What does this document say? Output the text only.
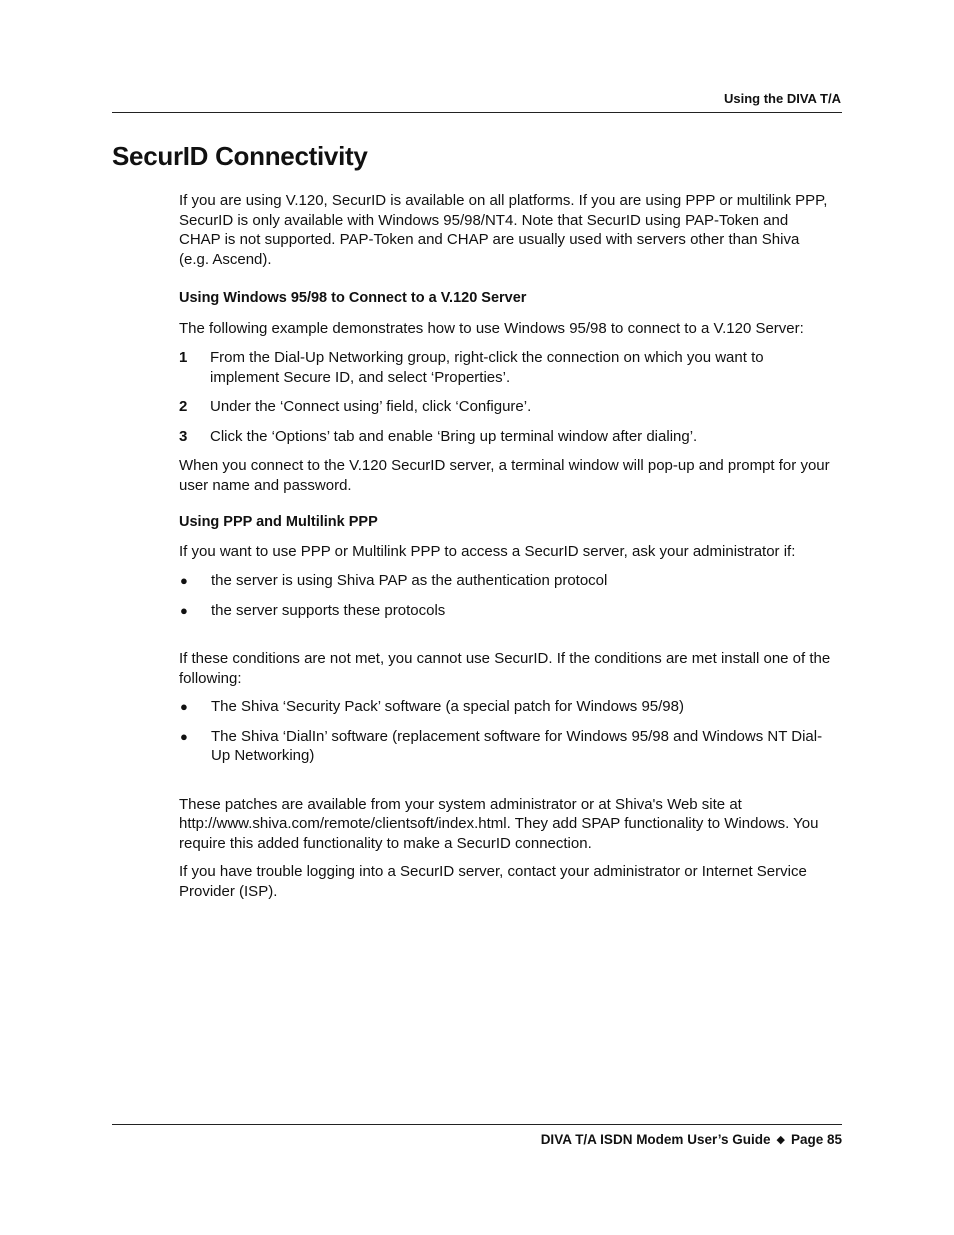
Using the DIVA T/A
SecurID Connectivity

If you are using V.120, SecurID is available on all platforms. If you are using PPP or multilink PPP, SecurID is only available with Windows 95/98/NT4. Note that SecurID using PAP-Token and CHAP is not supported. PAP-Token and CHAP are usually used with servers other than Shiva (e.g. Ascend).

Using Windows 95/98 to Connect to a V.120 Server

The following example demonstrates how to use Windows 95/98 to connect to a V.120 Server:

1	From the Dial-Up Networking group, right-click the connection on which you want to implement Secure ID, and select ‘Properties’.
2	Under the ‘Connect using’ field, click ‘Configure’.
3	Click the ‘Options’ tab and enable ‘Bring up terminal window after dialing’.

When you connect to the V.120 SecurID server, a terminal window will pop-up and prompt for your user name and password.

Using PPP and Multilink PPP

If you want to use PPP or Multilink PPP to access a SecurID server, ask your administrator if:

●	the server is using Shiva PAP as the authentication protocol
●	the server supports these protocols

If these conditions are not met, you cannot use SecurID. If the conditions are met install one of the following:

●	The Shiva ‘Security Pack’ software (a special patch for Windows 95/98)
●	The Shiva ‘DialIn’ software (replacement software for Windows 95/98 and Windows NT Dial-Up Networking)

These patches are available from your system administrator or at Shiva's Web site at http://www.shiva.com/remote/clientsoft/index.html. They add SPAP functionality to Windows. You require this added functionality to make a SecurID connection.

If you have trouble logging into a SecurID server, contact your administrator or Internet Service Provider (ISP).

DIVA T/A ISDN Modem User’s Guide ◆ Page 85
